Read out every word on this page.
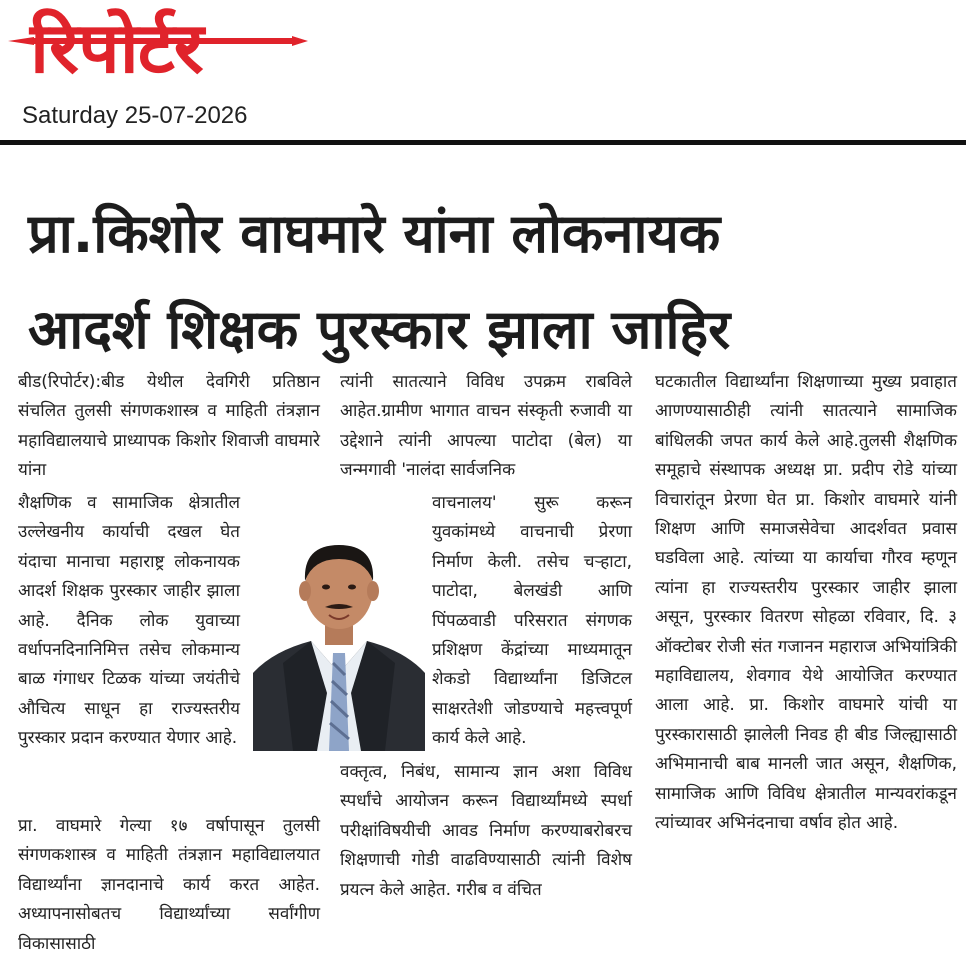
रिपोर्टर
Saturday 25-07-2026
प्रा.किशोर वाघमारे यांना लोकनायक
आदर्श शिक्षक पुरस्कार झाला जाहिर

बीड(रिपोर्टर):बीड येथील देवगिरी प्रतिष्ठान संचलित तुलसी संगणकशास्त्र व माहिती तंत्रज्ञान महाविद्यालयाचे प्राध्यापक किशोर शिवाजी वाघमारे यांना

शैक्षणिक व सामाजिक क्षेत्रातील उल्लेखनीय कार्याची दखल घेत यंदाचा मानाचा महाराष्ट्र लोकनायक आदर्श शिक्षक पुरस्कार जाहीर झाला आहे. दैनिक लोक युवाच्या वर्धापनदिनानिमित्त तसेच लोकमान्य बाळ गंगाधर टिळक यांच्या जयंतीचे औचित्य साधून हा राज्यस्तरीय पुरस्कार प्रदान करण्यात येणार आहे.

प्रा. वाघमारे गेल्या १७ वर्षापासून तुलसी संगणकशास्त्र व माहिती तंत्रज्ञान महाविद्यालयात विद्यार्थ्यांना ज्ञानदानाचे कार्य करत आहेत. अध्यापनासोबतच विद्यार्थ्यांच्या सर्वांगीण विकासासाठी

त्यांनी सातत्याने विविध उपक्रम राबविले आहेत.ग्रामीण भागात वाचन संस्कृती रुजावी या उद्देशाने त्यांनी आपल्या पाटोदा (बेल) या जन्मगावी 'नालंदा सार्वजनिक

वाचनालय' सुरू करून युवकांमध्ये वाचनाची प्रेरणा निर्माण केली. तसेच चऱ्हाटा, पाटोदा, बेलखंडी आणि पिंपळवाडी परिसरात संगणक प्रशिक्षण केंद्रांच्या माध्यमातून शेकडो विद्यार्थ्यांना डिजिटल साक्षरतेशी जोडण्याचे महत्त्वपूर्ण कार्य केले आहे.

वक्तृत्व, निबंध, सामान्य ज्ञान अशा विविध स्पर्धांचे आयोजन करून विद्यार्थ्यांमध्ये स्पर्धा परीक्षांविषयीची आवड निर्माण करण्याबरोबरच शिक्षणाची गोडी वाढविण्यासाठी त्यांनी विशेष प्रयत्न केले आहेत. गरीब व वंचित

घटकातील विद्यार्थ्यांना शिक्षणाच्या मुख्य प्रवाहात आणण्यासाठीही त्यांनी सातत्याने सामाजिक बांधिलकी जपत कार्य केले आहे.तुलसी शैक्षणिक समूहाचे संस्थापक अध्यक्ष प्रा. प्रदीप रोडे यांच्या विचारांतून प्रेरणा घेत प्रा. किशोर वाघमारे यांनी शिक्षण आणि समाजसेवेचा आदर्शवत प्रवास घडविला आहे. त्यांच्या या कार्याचा गौरव म्हणून त्यांना हा राज्यस्तरीय पुरस्कार जाहीर झाला असून, पुरस्कार वितरण सोहळा रविवार, दि. ३ ऑक्टोबर रोजी संत गजानन महाराज अभियांत्रिकी महाविद्यालय, शेवगाव येथे आयोजित करण्यात आला आहे. प्रा. किशोर वाघमारे यांची या पुरस्कारासाठी झालेली निवड ही बीड जिल्ह्यासाठी अभिमानाची बाब मानली जात असून, शैक्षणिक, सामाजिक आणि विविध क्षेत्रातील मान्यवरांकडून त्यांच्यावर अभिनंदनाचा वर्षाव होत आहे.
